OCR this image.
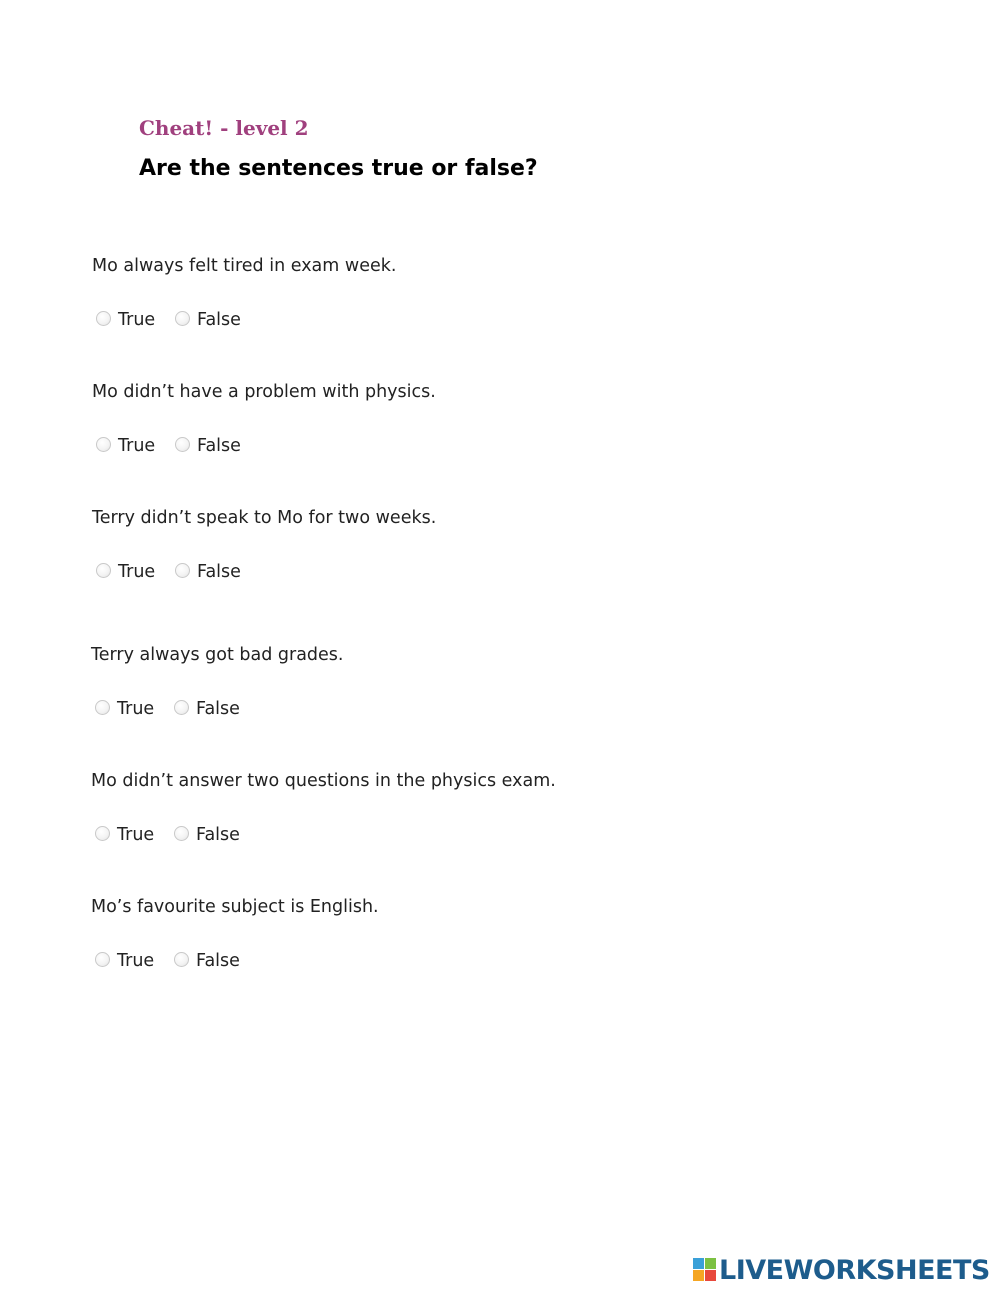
Cheat! - level 2
Are the sentences true or false?
Mo always felt tired in exam week.
True False
Mo didn’t have a problem with physics.
True False
Terry didn’t speak to Mo for two weeks.
True False
Terry always got bad grades.
True False
Mo didn’t answer two questions in the physics exam.
True False
Mo’s favourite subject is English.
True False
LIVEWORKSHEETS
